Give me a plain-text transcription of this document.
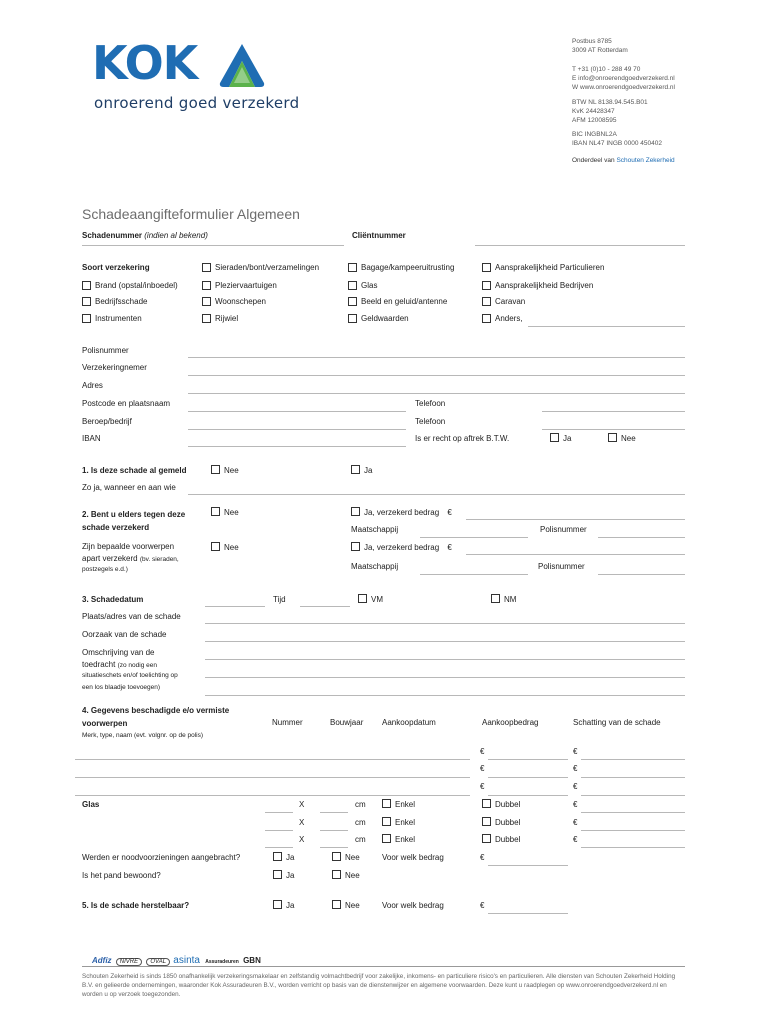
KOK
onroerend goed verzekerd
Postbus 8785
3009 AT Rotterdam
T +31 (0)10 - 288 49 70
E info@onroerendgoedverzekerd.nl
W www.onroerendgoedverzekerd.nl
BTW NL 8138.94.545.B01
KvK 24428347
AFM 12008595
BIC INGBNL2A
IBAN NL47 INGB 0000 450402
Onderdeel van Schouten Zekerheid
Schadeaangifteformulier Algemeen
Schadenummer (indien al bekend)	Cliëntnummer
Soort verzekering	Sieraden/bont/verzamelingen	Bagage/kampeeruitrusting	Aansprakelijkheid Particulieren
Brand (opstal/inboedel)	Pleziervaartuigen	Glas	Aansprakelijkheid Bedrijven
Bedrijfsschade	Woonschepen	Beeld en geluid/antenne	Caravan
Instrumenten	Rijwiel	Geldwaarden	Anders,
Polisnummer
Verzekeringnemer
Adres
Postcode en plaatsnaam	Telefoon
Beroep/bedrijf	Telefoon
IBAN	Is er recht op aftrek B.T.W.	Ja	Nee
1. Is deze schade al gemeld	Nee	Ja
Zo ja, wanneer en aan wie
2. Bent u elders tegen deze
schade verzekerd
Nee	Ja, verzekerd bedrag €
Maatschappij	Polisnummer
Zijn bepaalde voorwerpen
apart verzekerd (bv. sieraden,
postzegels e.d.)
Nee	Ja, verzekerd bedrag €
Maatschappij	Polisnummer
3. Schadedatum	Tijd	VM	NM
Plaats/adres van de schade
Oorzaak van de schade
Omschrijving van de
toedracht (zo nodig een
situatieschets en/of toelichting op
een los blaadje toevoegen)
4. Gegevens beschadigde e/o vermiste
voorwerpen
Merk, type, naam (evt. volgnr. op de polis)
Nummer	Bouwjaar Aankoopdatum	Aankoopbedrag	Schatting van de schade
€	€
€	€
€	€
Glas	X	cm	Enkel	Dubbel	€
X	cm	Enkel	Dubbel	€
X	cm	Enkel	Dubbel	€
Werden er noodvoorzieningen aangebracht?	Ja	Nee	Voor welk bedrag	€
Is het pand bewoond?	Ja	Nee
5. Is de schade herstelbaar?	Ja	Nee	Voor welk bedrag	€
Adfiz NIVRE OVAL asinta Assuradeuren GBN
Schouten Zekerheid is sinds 1850 onafhankelijk verzekeringsmakelaar en zelfstandig volmachtbedrijf voor zakelijke, inkomens- en particuliere risico's en particulieren. Alle diensten van Schouten Zekerheid Holding B.V. en gelieerde ondernemingen, waaronder Kok Assuradeuren B.V., worden verricht op basis van de dienstenwijzer en algemene voorwaarden. Deze kunt u raadplegen op www.onroerendgoedverzekerd.nl en worden u op verzoek toegezonden.
